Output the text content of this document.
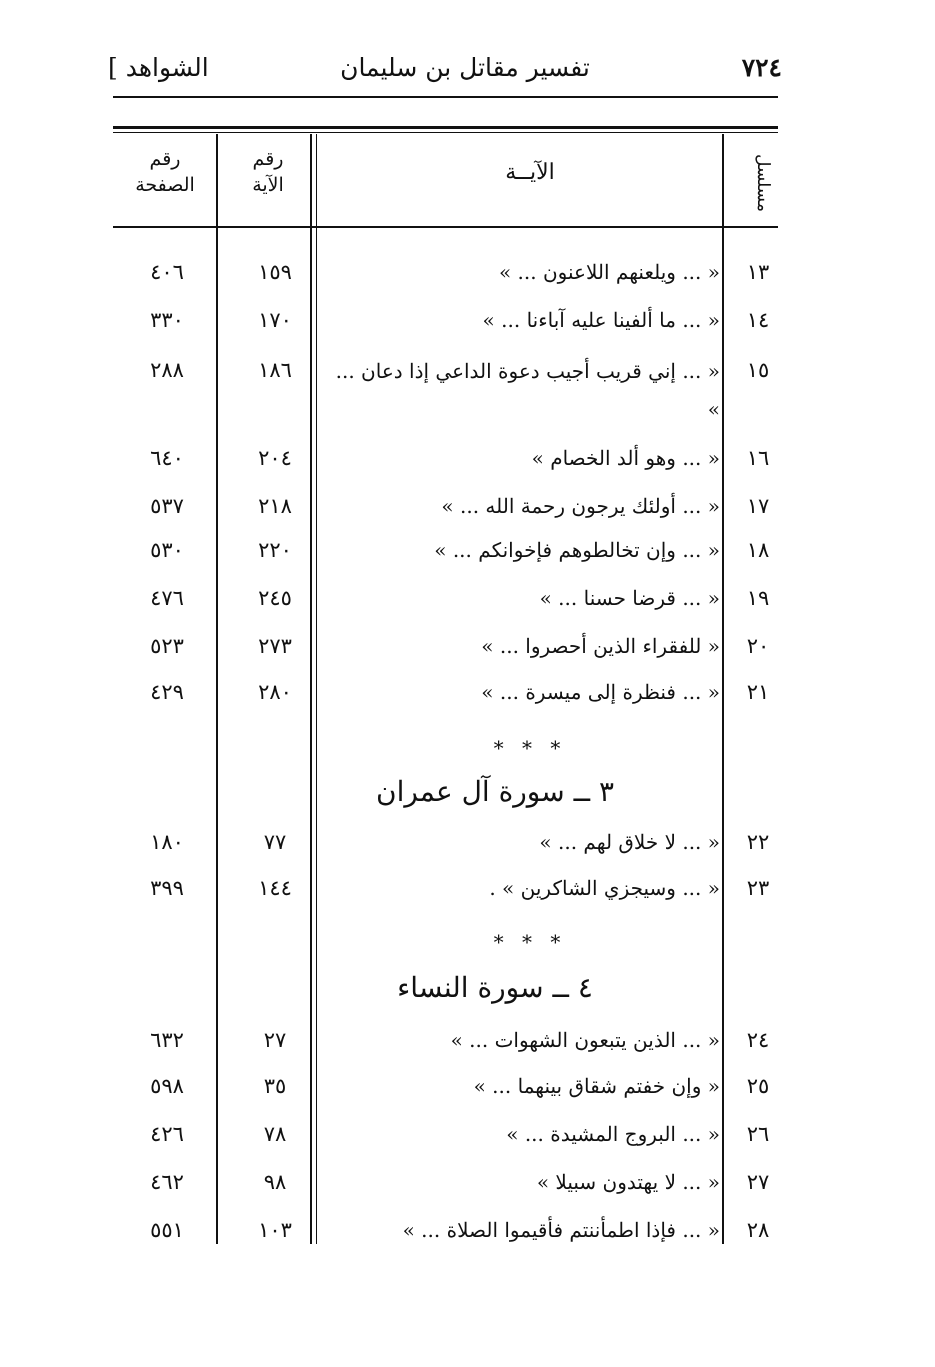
٧٢٤
تفسير مقاتل بن سليمان
[ الشواهد
مسلسل
الآيــة
رقم
الآية
رقم
الصفحة
١٣
« ... ويلعنهم اللاعنون ... »
١٥٩
٤٠٦
١٤
« ... ما ألفينا عليه آباءنا ... »
١٧٠
٣٣٠
١٥
« ... إني قريب أجيب دعوة الداعي إذا دعان ... »
١٨٦
٢٨٨
١٦
« ... وهو ألد الخصام »
٢٠٤
٦٤٠
١٧
« ... أولئك يرجون رحمة الله ... »
٢١٨
٥٣٧
١٨
« ... وإن تخالطوهم فإخوانكم ... »
٢٢٠
٥٣٠
١٩
« ... قرضا حسنا ... »
٢٤٥
٤٧٦
٢٠
« للفقراء الذين أحصروا ... »
٢٧٣
٥٢٣
٢١
« ... فنظرة إلى ميسرة ... »
٢٨٠
٤٢٩
* * *
٣ ــ سورة آل عمران
٢٢
« ... لا خلاق لهم ... »
٧٧
١٨٠
٢٣
« ... وسيجزي الشاكرين » .
١٤٤
٣٩٩
* * *
٤ ــ سورة النساء
٢٤
« ... الذين يتبعون الشهوات ... »
٢٧
٦٣٢
٢٥
« وإن خفتم شقاق بينهما ... »
٣٥
٥٩٨
٢٦
« ... البروج المشيدة ... »
٧٨
٤٢٦
٢٧
« ... لا يهتدون سبيلا »
٩٨
٤٦٢
٢٨
« ... فإذا اطمأننتم فأقيموا الصلاة ... »
١٠٣
٥٥١
